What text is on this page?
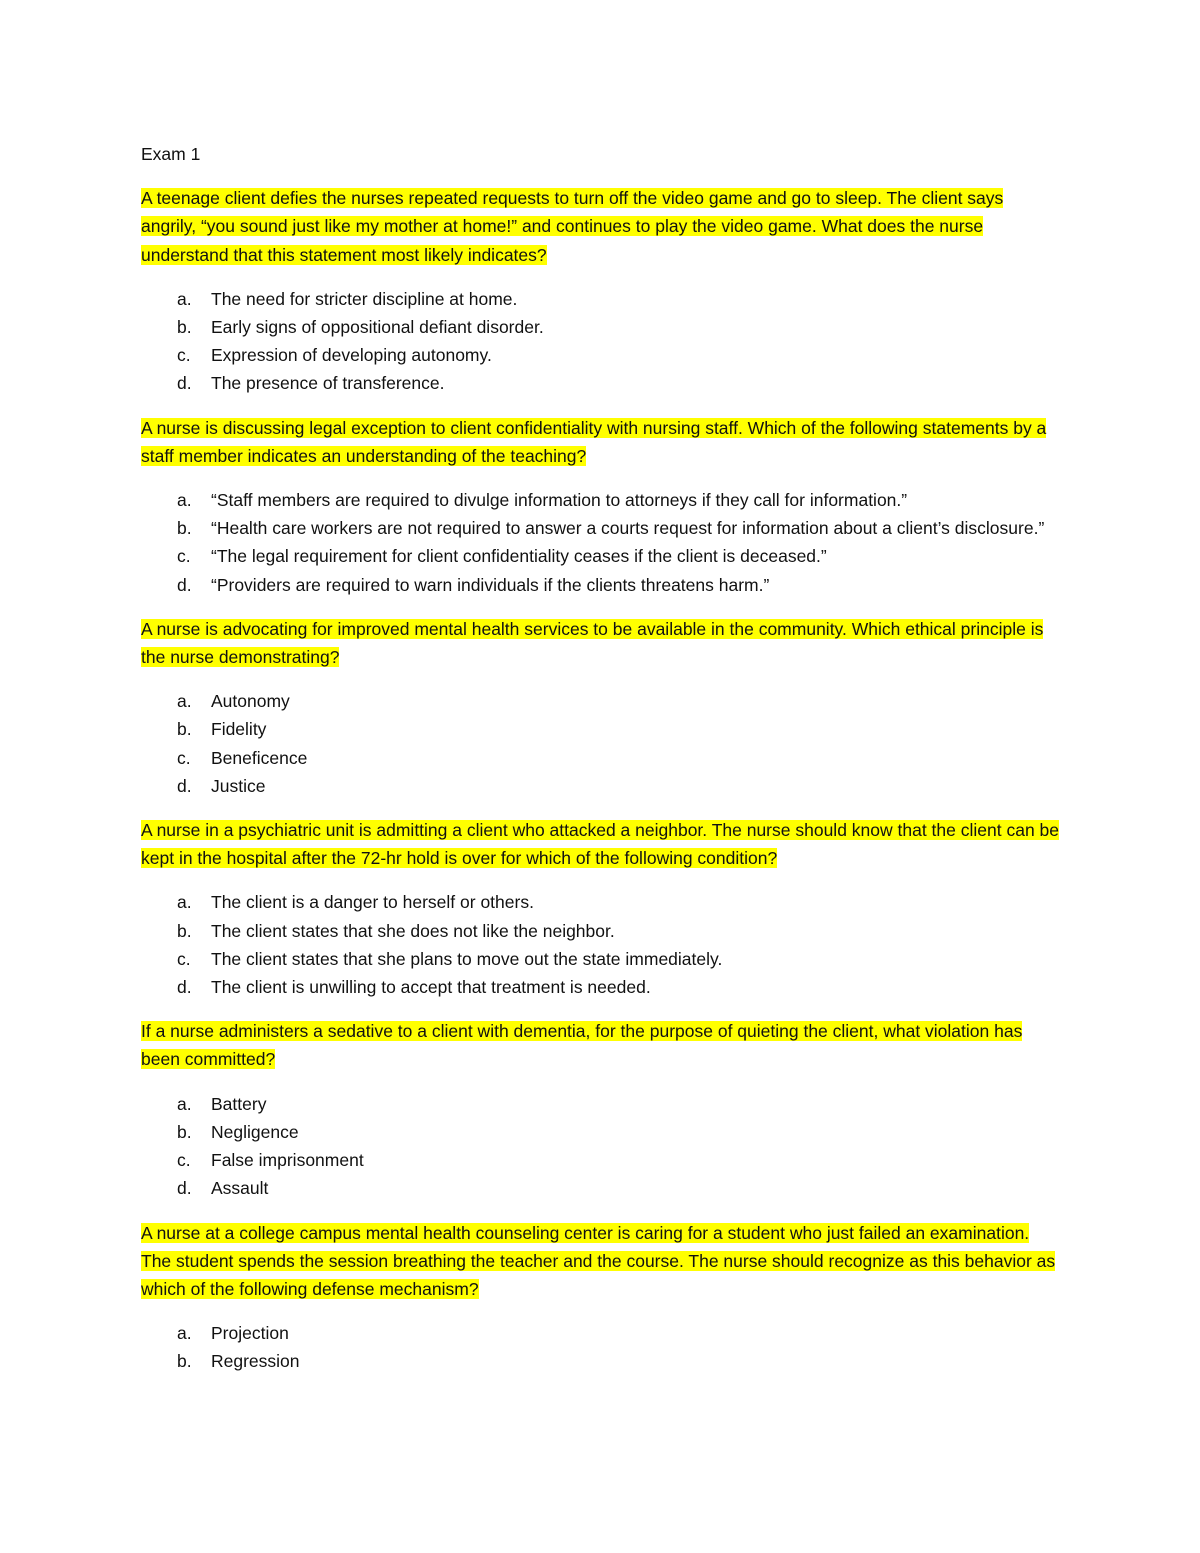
Exam 1

A teenage client defies the nurses repeated requests to turn off the video game and go to sleep. The client says angrily, “you sound just like my mother at home!” and continues to play the video game. What does the nurse understand that this statement most likely indicates?

a.	The need for stricter discipline at home.
b.	Early signs of oppositional defiant disorder.
c.	Expression of developing autonomy.
d.	The presence of transference.

A nurse is discussing legal exception to client confidentiality with nursing staff. Which of the following statements by a staff member indicates an understanding of the teaching?

a.	“Staff members are required to divulge information to attorneys if they call for information.”
b.	“Health care workers are not required to answer a courts request for information about a client’s disclosure.”
c.	“The legal requirement for client confidentiality ceases if the client is deceased.”
d.	“Providers are required to warn individuals if the clients threatens harm.”

A nurse is advocating for improved mental health services to be available in the community. Which ethical principle is the nurse demonstrating?

a.	Autonomy
b.	Fidelity
c.	Beneficence
d.	Justice

A nurse in a psychiatric unit is admitting a client who attacked a neighbor. The nurse should know that the client can be kept in the hospital after the 72-hr hold is over for which of the following condition?

a.	The client is a danger to herself or others.
b.	The client states that she does not like the neighbor.
c.	The client states that she plans to move out the state immediately.
d.	The client is unwilling to accept that treatment is needed.

If a nurse administers a sedative to a client with dementia, for the purpose of quieting the client, what violation has been committed?

a.	Battery
b.	Negligence
c.	False imprisonment
d.	Assault

A nurse at a college campus mental health counseling center is caring for a student who just failed an examination. The student spends the session breathing the teacher and the course. The nurse should recognize as this behavior as which of the following defense mechanism?

a.	Projection
b.	Regression
